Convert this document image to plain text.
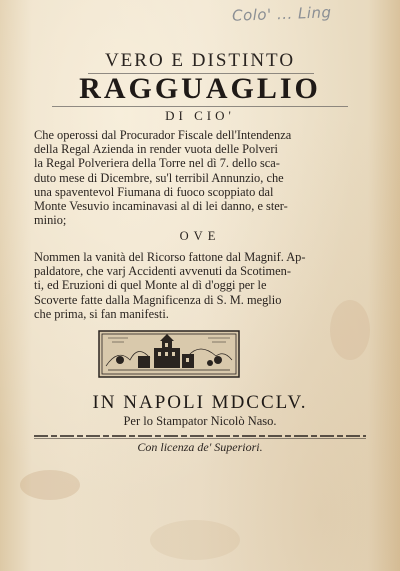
Colo' ... Ling
VERO E DISTINTO
RAGGUAGLIO
DI CIO'
Che operossi dal Procurador Fiscale dell'Intendenza
della Regal Azienda in render vuota delle Polveri
la Regal Polveriera della Torre nel dì 7. dello sca-
duto mese di Dicembre, su'l terribil Annunzio, che
una spaventevol Fiumana di fuoco scoppiato dal
Monte Vesuvio incaminavasi al di lei danno, e ster-
minio;
OVE
Nommen la vanità del Ricorso fattone dal Magnif. Ap-
paldatore, che varj Accidenti avvenuti da Scotimen-
ti, ed Eruzioni di quel Monte al dì d'oggi per le
Scoverte fatte dalla Magnificenza di S. M. meglio
che prima, si fan manifesti.
IN NAPOLI MDCCLV.
Per lo Stampator Nicolò Naso.
Con licenza de' Superiori.
